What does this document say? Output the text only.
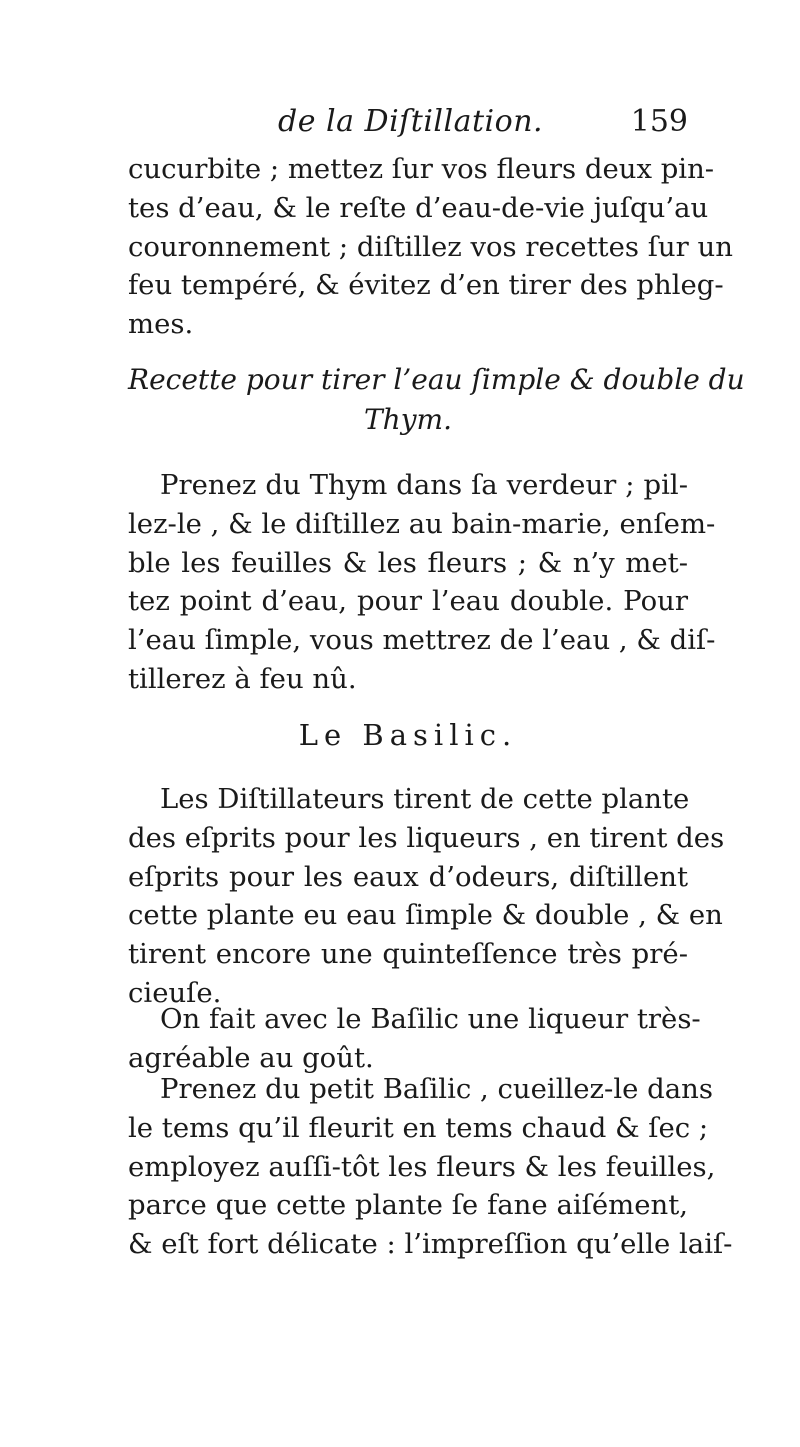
de la Diſtillation.	159
cucurbite ; mettez ſur vos fleurs deux pin-
tes d’eau, & le reſte d’eau-de-vie juſqu’au
couronnement ; diſtillez vos recettes ſur un
feu tempéré, & évitez d’en tirer des phleg-
mes.
Recette pour tirer l’eau ſimple & double du
Thym.
Prenez du Thym dans ſa verdeur ; pil-
lez-le , & le diſtillez au bain-marie, enſem-
ble les feuilles & les fleurs ; & n’y met-
tez point d’eau, pour l’eau double. Pour
l’eau ſimple, vous mettrez de l’eau , & diſ-
tillerez à feu nû.
Le Basilic.
Les Diſtillateurs tirent de cette plante
des eſprits pour les liqueurs , en tirent des
eſprits pour les eaux d’odeurs, diſtillent
cette plante eu eau ſimple & double , & en
tirent encore une quinteſſence très pré-
cieuſe.
On fait avec le Baſilic une liqueur très-
agréable au goût.
Prenez du petit Baſilic , cueillez-le dans
le tems qu’il fleurit en tems chaud & ſec ;
employez auſſi-tôt les fleurs & les feuilles,
parce que cette plante ſe fane aiſément,
& eſt fort délicate : l’impreſſion qu’elle laiſ-
